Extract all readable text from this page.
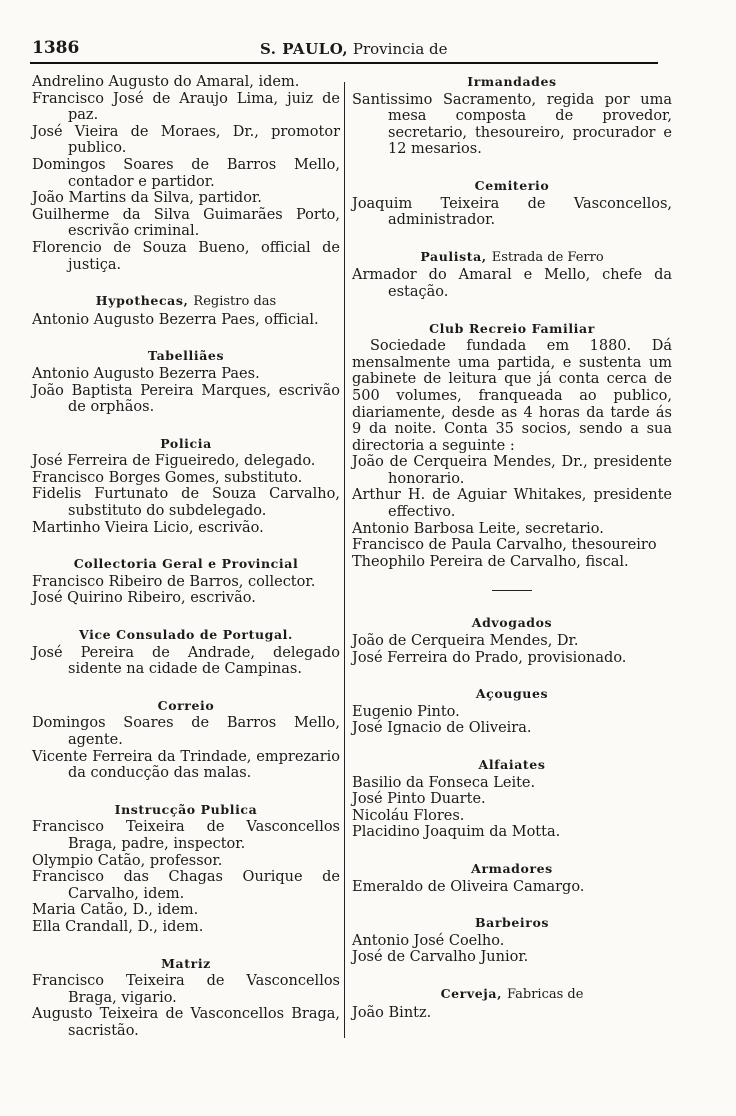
1386	S. PAULO, Provincia de
Andrelino Augusto do Amaral, idem.
Francisco José de Araujo Lima, juiz de paz.
José Vieira de Moraes, Dr., promotor publico.
Domingos Soares de Barros Mello, contador e partidor.
João Martins da Silva, partidor.
Guilherme da Silva Guimarães Porto, escrivão criminal.
Florencio de Souza Bueno, official de justiça.
Hypothecas, Registro das
Antonio Augusto Bezerra Paes, official.
Tabelliães
Antonio Augusto Bezerra Paes.
João Baptista Pereira Marques, escrivão de orphãos.
Policia
José Ferreira de Figueiredo, delegado.
Francisco Borges Gomes, substituto.
Fidelis Furtunato de Souza Carvalho, substituto do subdelegado.
Martinho Vieira Licio, escrivão.
Collectoria Geral e Provincial
Francisco Ribeiro de Barros, collector.
José Quirino Ribeiro, escrivão.
Vice Consulado de Portugal.
José Pereira de Andrade, delegado sidente na cidade de Campinas.
Correio
Domingos Soares de Barros Mello, agente.
Vicente Ferreira da Trindade, emprezario da conducção das malas.
Instrucção Publica
Francisco Teixeira de Vasconcellos Braga, padre, inspector.
Olympio Catão, professor.
Francisco das Chagas Ourique de Carvalho, idem.
Maria Catão, D., idem.
Ella Crandall, D., idem.
Matriz
Francisco Teixeira de Vasconcellos Braga, vigario.
Augusto Teixeira de Vasconcellos Braga, sacristão.
Irmandades
Santissimo Sacramento, regida por uma mesa composta de provedor, secretario, thesoureiro, procurador e 12 mesarios.
Cemiterio
Joaquim Teixeira de Vasconcellos, administrador.
Paulista, Estrada de Ferro
Armador do Amaral e Mello, chefe da estação.
Club Recreio Familiar
Sociedade fundada em 1880. Dá mensalmente uma partida, e sustenta um gabinete de leitura que já conta cerca de 500 volumes, franqueada ao publico, diariamente, desde as 4 horas da tarde ás 9 da noite. Conta 35 socios, sendo a sua directoria a seguinte :
João de Cerqueira Mendes, Dr., presidente honorario.
Arthur H. de Aguiar Whitakes, presidente effectivo.
Antonio Barbosa Leite, secretario.
Francisco de Paula Carvalho, thesoureiro
Theophilo Pereira de Carvalho, fiscal.
Advogados
João de Cerqueira Mendes, Dr.
José Ferreira do Prado, provisionado.
Açougues
Eugenio Pinto.
José Ignacio de Oliveira.
Alfaiates
Basilio da Fonseca Leite.
José Pinto Duarte.
Nicoláu Flores.
Placidino Joaquim da Motta.
Armadores
Emeraldo de Oliveira Camargo.
Barbeiros
Antonio José Coelho.
José de Carvalho Junior.
Cerveja, Fabricas de
João Bintz.
